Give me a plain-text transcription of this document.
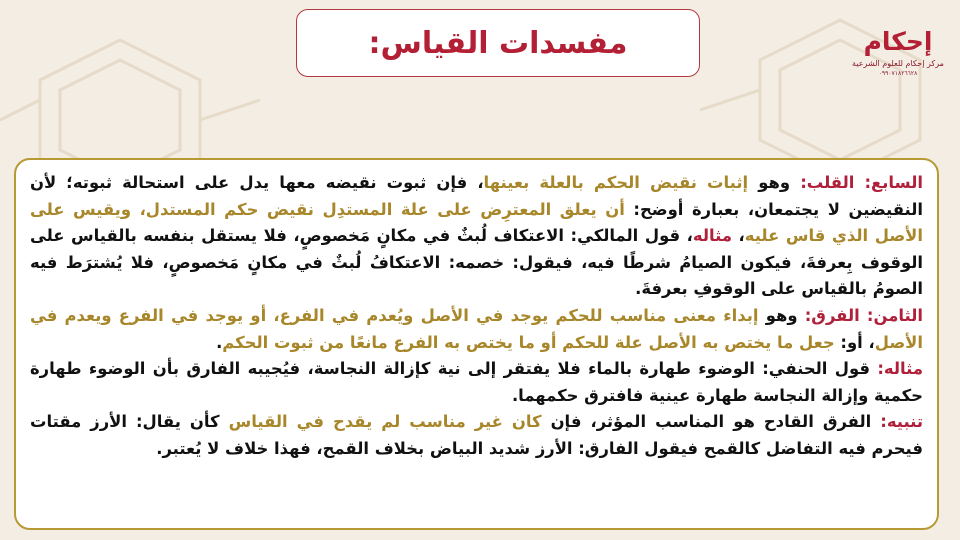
مفسدات القياس:	إحكام
مركز إحكام للعلوم الشرعية
٠٩٩٠٧١٨٢٦٦٢٨

السابع: القلب: وهو إثبات نقيض الحكم بالعلة بعينها، فإن ثبوت نقيضه معها يدل على استحالة ثبوته؛ لأن النقيضين لا يجتمعان، بعبارة أوضح: أن يعلق المعترِض على علة المستدِل نقيض حكم المستدل، ويقيس على الأصل الذي قاس عليه، مثاله، قول المالكي: الاعتكاف لُبثٌ في مكانٍ مَخصوصٍ، فلا يستقل بنفسه بالقياس على الوقوف بِعرفةَ، فيكون الصيامُ شرطًا فيه، فيقول: خصمه: الاعتكافُ لُبثٌ في مكانٍ مَخصوصٍ، فلا يُشترَط فيه الصومُ بالقياس على الوقوفِ بعرفةَ.

الثامن: الفرق: وهو إبداء معنى مناسب للحكم يوجد في الأصل ويُعدم في الفرع، أو يوجد في الفرع ويعدم في الأصل، أو: جعل ما يختص به الأصل علة للحكم أو ما يختص به الفرع مانعًا من ثبوت الحكم.

مثاله: قول الحنفي: الوضوء طهارة بالماء فلا يفتقر إلى نية كإزالة النجاسة، فيُجيبه الفارق بأن الوضوء طهارة حكمية وإزالة النجاسة طهارة عينية فافترق حكمهما.

تنبيه: الفرق القادح هو المناسب المؤثر، فإن كان غير مناسب لم يقدح في القياس كأن يقال: الأرز مقتات فيحرم فيه التفاضل كالقمح فيقول الفارق: الأرز شديد البياض بخلاف القمح، فهذا خلاف لا يُعتبر.
